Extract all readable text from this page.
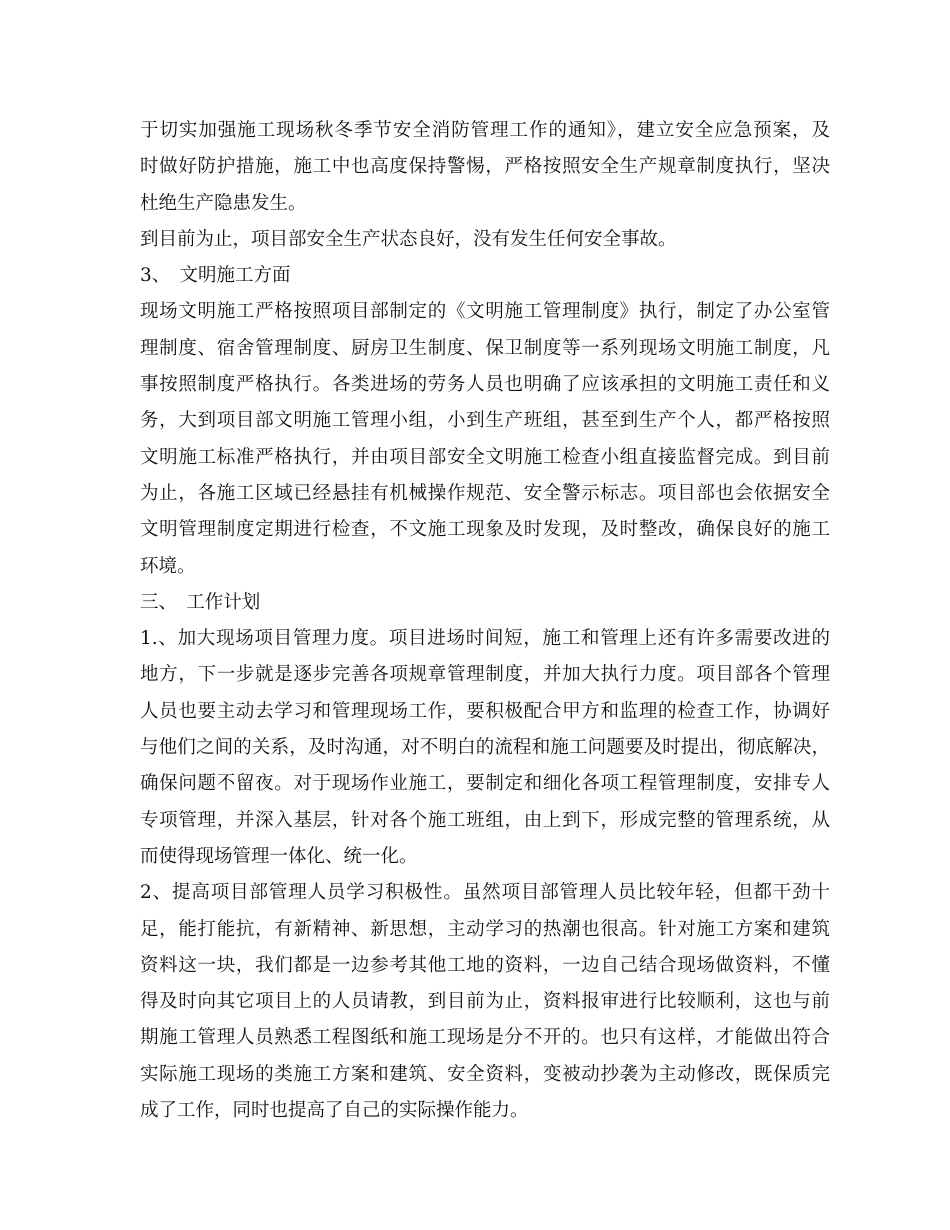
于切实加强施工现场秋冬季节安全消防管理工作的通知》，建立安全应急预案，及
时做好防护措施，施工中也高度保持警惕，严格按照安全生产规章制度执行，坚决
杜绝生产隐患发生。
到目前为止，项目部安全生产状态良好，没有发生任何安全事故。
3、　文明施工方面
现场文明施工严格按照项目部制定的《文明施工管理制度》执行，制定了办公室管
理制度、宿舍管理制度、厨房卫生制度、保卫制度等一系列现场文明施工制度，凡
事按照制度严格执行。各类进场的劳务人员也明确了应该承担的文明施工责任和义
务，大到项目部文明施工管理小组，小到生产班组，甚至到生产个人，都严格按照
文明施工标准严格执行，并由项目部安全文明施工检查小组直接监督完成。到目前
为止，各施工区域已经悬挂有机械操作规范、安全警示标志。项目部也会依据安全
文明管理制度定期进行检查，不文施工现象及时发现，及时整改，确保良好的施工
环境。
三、　工作计划
1.、加大现场项目管理力度。项目进场时间短，施工和管理上还有许多需要改进的
地方，下一步就是逐步完善各项规章管理制度，并加大执行力度。项目部各个管理
人员也要主动去学习和管理现场工作，要积极配合甲方和监理的检查工作，协调好
与他们之间的关系，及时沟通，对不明白的流程和施工问题要及时提出，彻底解决，
确保问题不留夜。对于现场作业施工，要制定和细化各项工程管理制度，安排专人
专项管理，并深入基层，针对各个施工班组，由上到下，形成完整的管理系统，从
而使得现场管理一体化、统一化。
2、提高项目部管理人员学习积极性。虽然项目部管理人员比较年轻，但都干劲十
足，能打能抗，有新精神、新思想，主动学习的热潮也很高。针对施工方案和建筑
资料这一块，我们都是一边参考其他工地的资料，一边自己结合现场做资料，不懂
得及时向其它项目上的人员请教，到目前为止，资料报审进行比较顺利，这也与前
期施工管理人员熟悉工程图纸和施工现场是分不开的。也只有这样，才能做出符合
实际施工现场的类施工方案和建筑、安全资料，变被动抄袭为主动修改，既保质完
成了工作，同时也提高了自己的实际操作能力。
